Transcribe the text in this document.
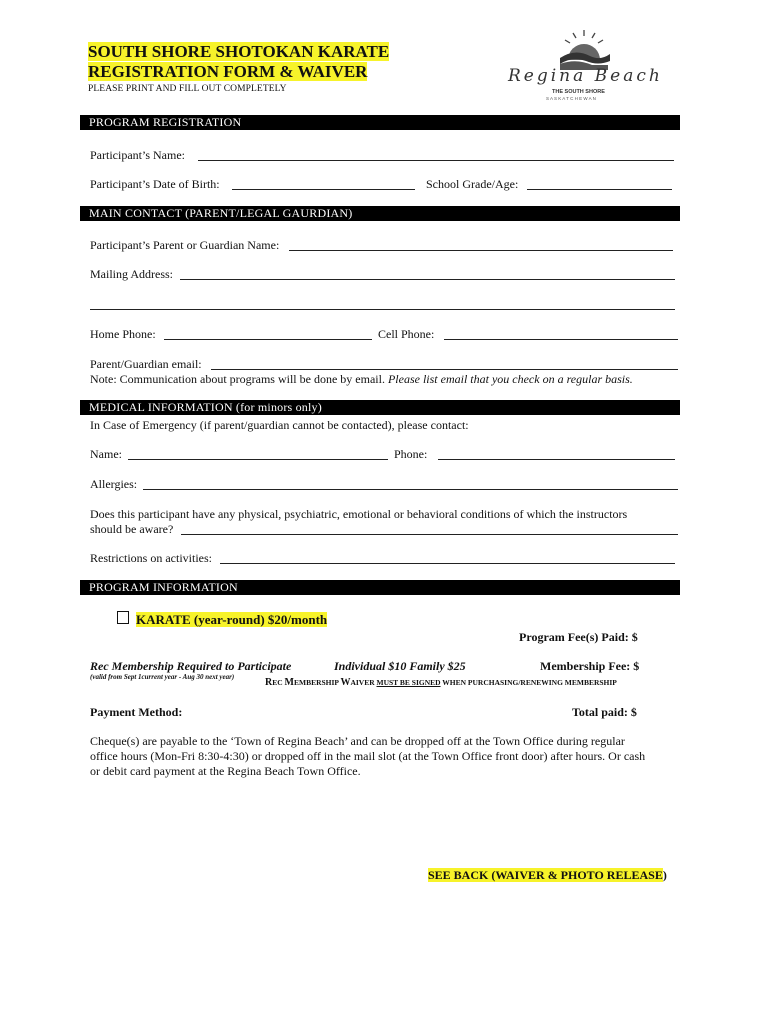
SOUTH SHORE SHOTOKAN KARATE
REGISTRATION FORM & WAIVER
PLEASE PRINT AND FILL OUT COMPLETELY
Regina Beach
THE SOUTH SHORE
S A S K A T C H E W A N
PROGRAM REGISTRATION
Participant’s Name:
Participant’s Date of Birth:	School Grade/Age:
MAIN CONTACT (PARENT/LEGAL GAURDIAN)
Participant’s Parent or Guardian Name:
Mailing Address:
Home Phone:	Cell Phone:
Parent/Guardian email:
Note: Communication about programs will be done by email. Please list email that you check on a regular basis.
MEDICAL INFORMATION (for minors only)
In Case of Emergency (if parent/guardian cannot be contacted), please contact:
Name:	Phone:
Allergies:
Does this participant have any physical, psychiatric, emotional or behavioral conditions of which the instructors
should be aware?
Restrictions on activities:
PROGRAM INFORMATION
KARATE (year-round) $20/month
Program Fee(s) Paid: $
Rec Membership Required to Participate	Individual $10 Family $25	Membership Fee: $
(valid from Sept 1current year - Aug 30 next year)	REC MEMBERSHIP WAIVER MUST BE SIGNED WHEN PURCHASING/RENEWING MEMBERSHIP
Payment Method:	Total paid: $
Cheque(s) are payable to the ‘Town of Regina Beach’ and can be dropped off at the Town Office during regular
office hours (Mon-Fri 8:30-4:30) or dropped off in the mail slot (at the Town Office front door) after hours. Or cash
or debit card payment at the Regina Beach Town Office.
SEE BACK (WAIVER & PHOTO RELEASE)
